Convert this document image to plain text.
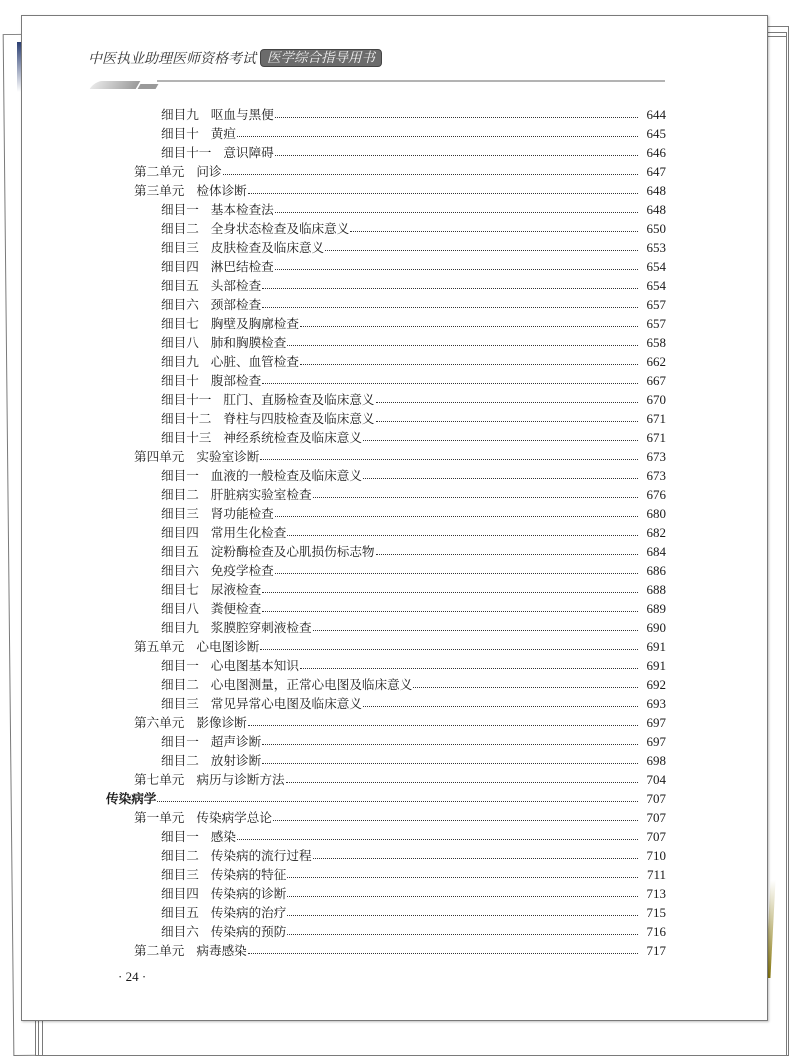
中医执业助理医师资格考试 医学综合指导用书
细目九 呕血与黑便	644
细目十 黄疸	645
细目十一 意识障碍	646
第二单元 问诊	647
第三单元 检体诊断	648
细目一 基本检查法	648
细目二 全身状态检查及临床意义	650
细目三 皮肤检查及临床意义	653
细目四 淋巴结检查	654
细目五 头部检查	654
细目六 颈部检查	657
细目七 胸壁及胸廓检查	657
细目八 肺和胸膜检查	658
细目九 心脏、血管检查	662
细目十 腹部检查	667
细目十一 肛门、直肠检查及临床意义	670
细目十二 脊柱与四肢检查及临床意义	671
细目十三 神经系统检查及临床意义	671
第四单元 实验室诊断	673
细目一 血液的一般检查及临床意义	673
细目二 肝脏病实验室检查	676
细目三 肾功能检查	680
细目四 常用生化检查	682
细目五 淀粉酶检查及心肌损伤标志物	684
细目六 免疫学检查	686
细目七 尿液检查	688
细目八 粪便检查	689
细目九 浆膜腔穿刺液检查	690
第五单元 心电图诊断	691
细目一 心电图基本知识	691
细目二 心电图测量，正常心电图及临床意义	692
细目三 常见异常心电图及临床意义	693
第六单元 影像诊断	697
细目一 超声诊断	697
细目二 放射诊断	698
第七单元 病历与诊断方法	704
传染病学	707
第一单元 传染病学总论	707
细目一 感染	707
细目二 传染病的流行过程	710
细目三 传染病的特征	711
细目四 传染病的诊断	713
细目五 传染病的治疗	715
细目六 传染病的预防	716
第二单元 病毒感染	717
· 24 ·
